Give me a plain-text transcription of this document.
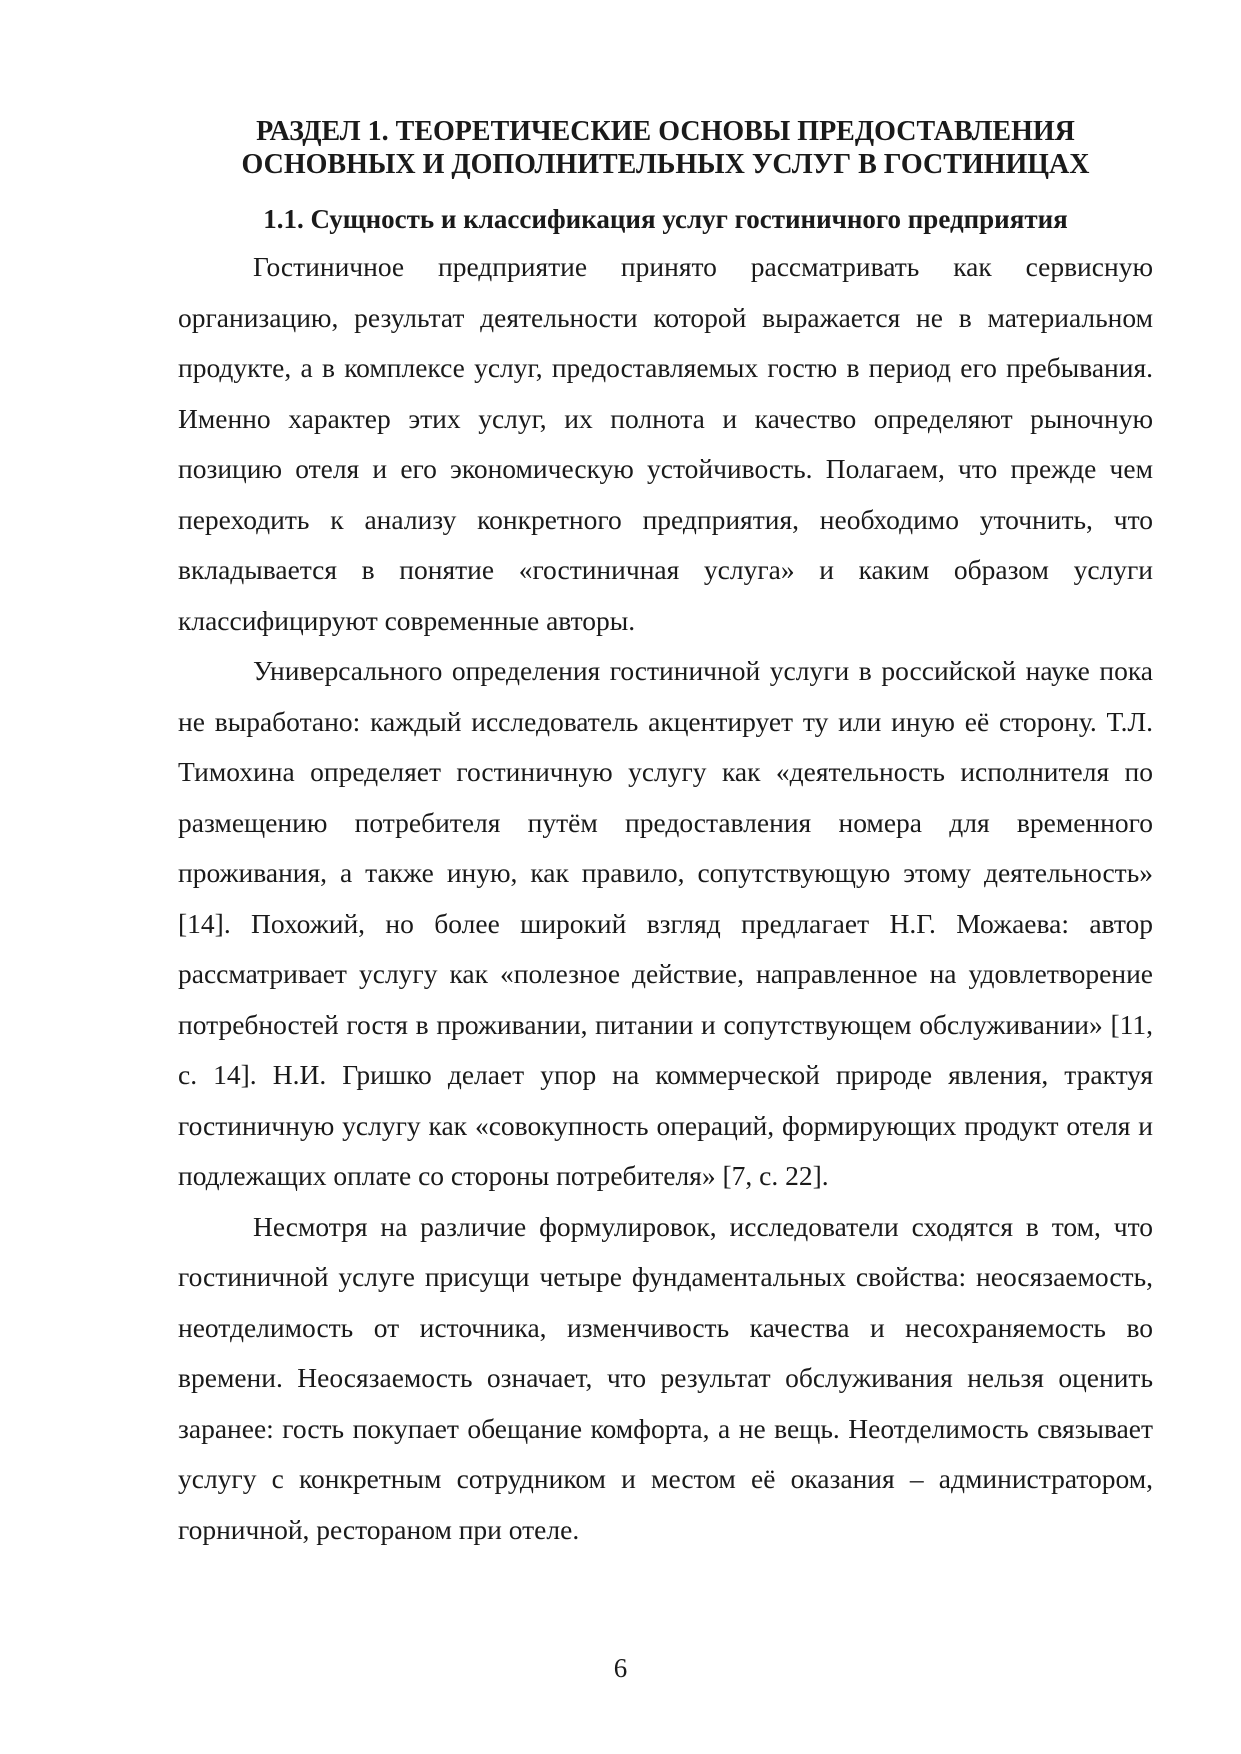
РАЗДЕЛ 1. ТЕОРЕТИЧЕСКИЕ ОСНОВЫ ПРЕДОСТАВЛЕНИЯ
ОСНОВНЫХ И ДОПОЛНИТЕЛЬНЫХ УСЛУГ В ГОСТИНИЦАХ
1.1. Сущность и классификация услуг гостиничного предприятия

Гостиничное предприятие принято рассматривать как сервисную организацию, результат деятельности которой выражается не в материальном продукте, а в комплексе услуг, предоставляемых гостю в период его пребывания. Именно характер этих услуг, их полнота и качество определяют рыночную позицию отеля и его экономическую устойчивость. Полагаем, что прежде чем переходить к анализу конкретного предприятия, необходимо уточнить, что вкладывается в понятие «гостиничная услуга» и каким образом услуги классифицируют современные авторы.

Универсального определения гостиничной услуги в российской науке пока не выработано: каждый исследователь акцентирует ту или иную её сторону. Т.Л. Тимохина определяет гостиничную услугу как «деятельность исполнителя по размещению потребителя путём предоставления номера для временного проживания, а также иную, как правило, сопутствующую этому деятельность» [14]. Похожий, но более широкий взгляд предлагает Н.Г. Можаева: автор рассматривает услугу как «полезное действие, направленное на удовлетворение потребностей гостя в проживании, питании и сопутствующем обслуживании» [11, с. 14]. Н.И. Гришко делает упор на коммерческой природе явления, трактуя гостиничную услугу как «совокупность операций, формирующих продукт отеля и подлежащих оплате со стороны потребителя» [7, с. 22].

Несмотря на различие формулировок, исследователи сходятся в том, что гостиничной услуге присущи четыре фундаментальных свойства: неосязаемость, неотделимость от источника, изменчивость качества и несохраняемость во времени. Неосязаемость означает, что результат обслуживания нельзя оценить заранее: гость покупает обещание комфорта, а не вещь. Неотделимость связывает услугу с конкретным сотрудником и местом её оказания – администратором, горничной, рестораном при отеле.

6
